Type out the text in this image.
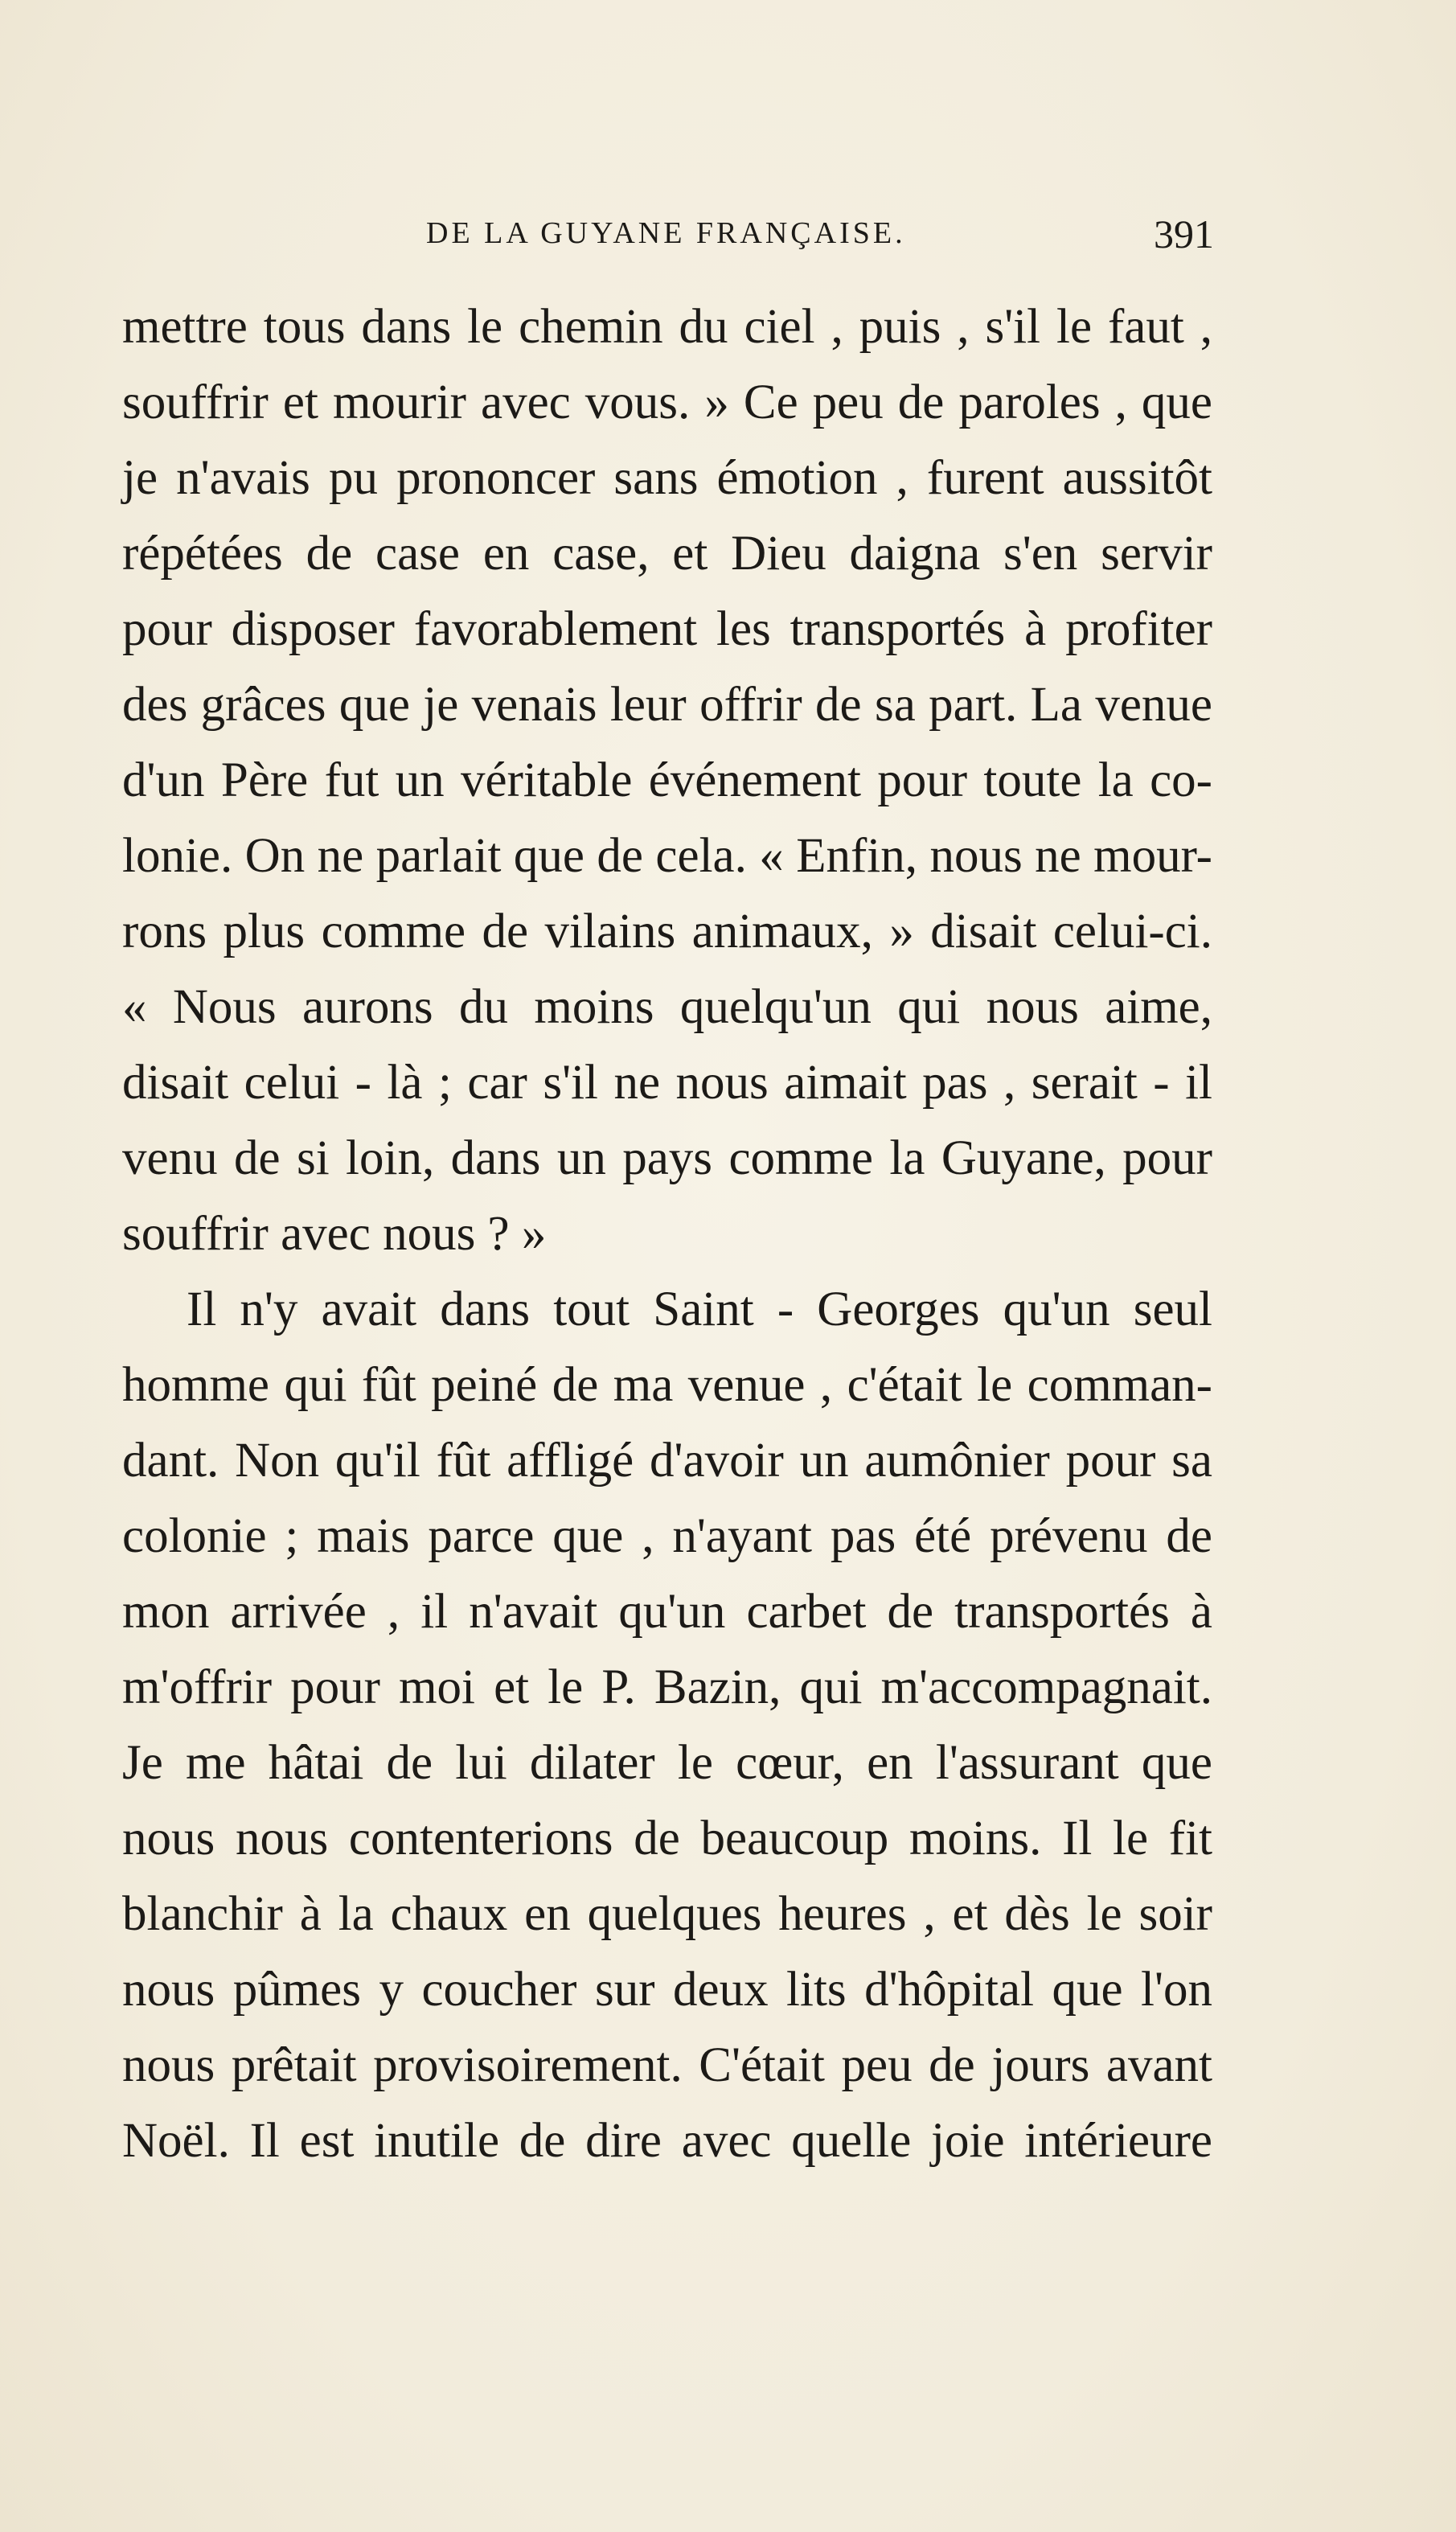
DE LA GUYANE FRANÇAISE.	391
mettre tous dans le chemin du ciel , puis , s'il le faut ,
souffrir et mourir avec vous. » Ce peu de paroles , que
je n'avais pu prononcer sans émotion , furent aussitôt
répétées de case en case, et Dieu daigna s'en servir
pour disposer favorablement les transportés à profiter
des grâces que je venais leur offrir de sa part. La venue
d'un Père fut un véritable événement pour toute la co-
lonie. On ne parlait que de cela. « Enfin, nous ne mour-
rons plus comme de vilains animaux, » disait celui-ci.
« Nous aurons du moins quelqu'un qui nous aime,
disait celui - là ; car s'il ne nous aimait pas , serait - il
venu de si loin, dans un pays comme la Guyane, pour
souffrir avec nous ? »
Il n'y avait dans tout Saint - Georges qu'un seul
homme qui fût peiné de ma venue , c'était le comman-
dant. Non qu'il fût affligé d'avoir un aumônier pour sa
colonie ; mais parce que , n'ayant pas été prévenu de
mon arrivée , il n'avait qu'un carbet de transportés à
m'offrir pour moi et le P. Bazin, qui m'accompagnait.
Je me hâtai de lui dilater le cœur, en l'assurant que
nous nous contenterions de beaucoup moins. Il le fit
blanchir à la chaux en quelques heures , et dès le soir
nous pûmes y coucher sur deux lits d'hôpital que l'on
nous prêtait provisoirement. C'était peu de jours avant
Noël. Il est inutile de dire avec quelle joie intérieure
